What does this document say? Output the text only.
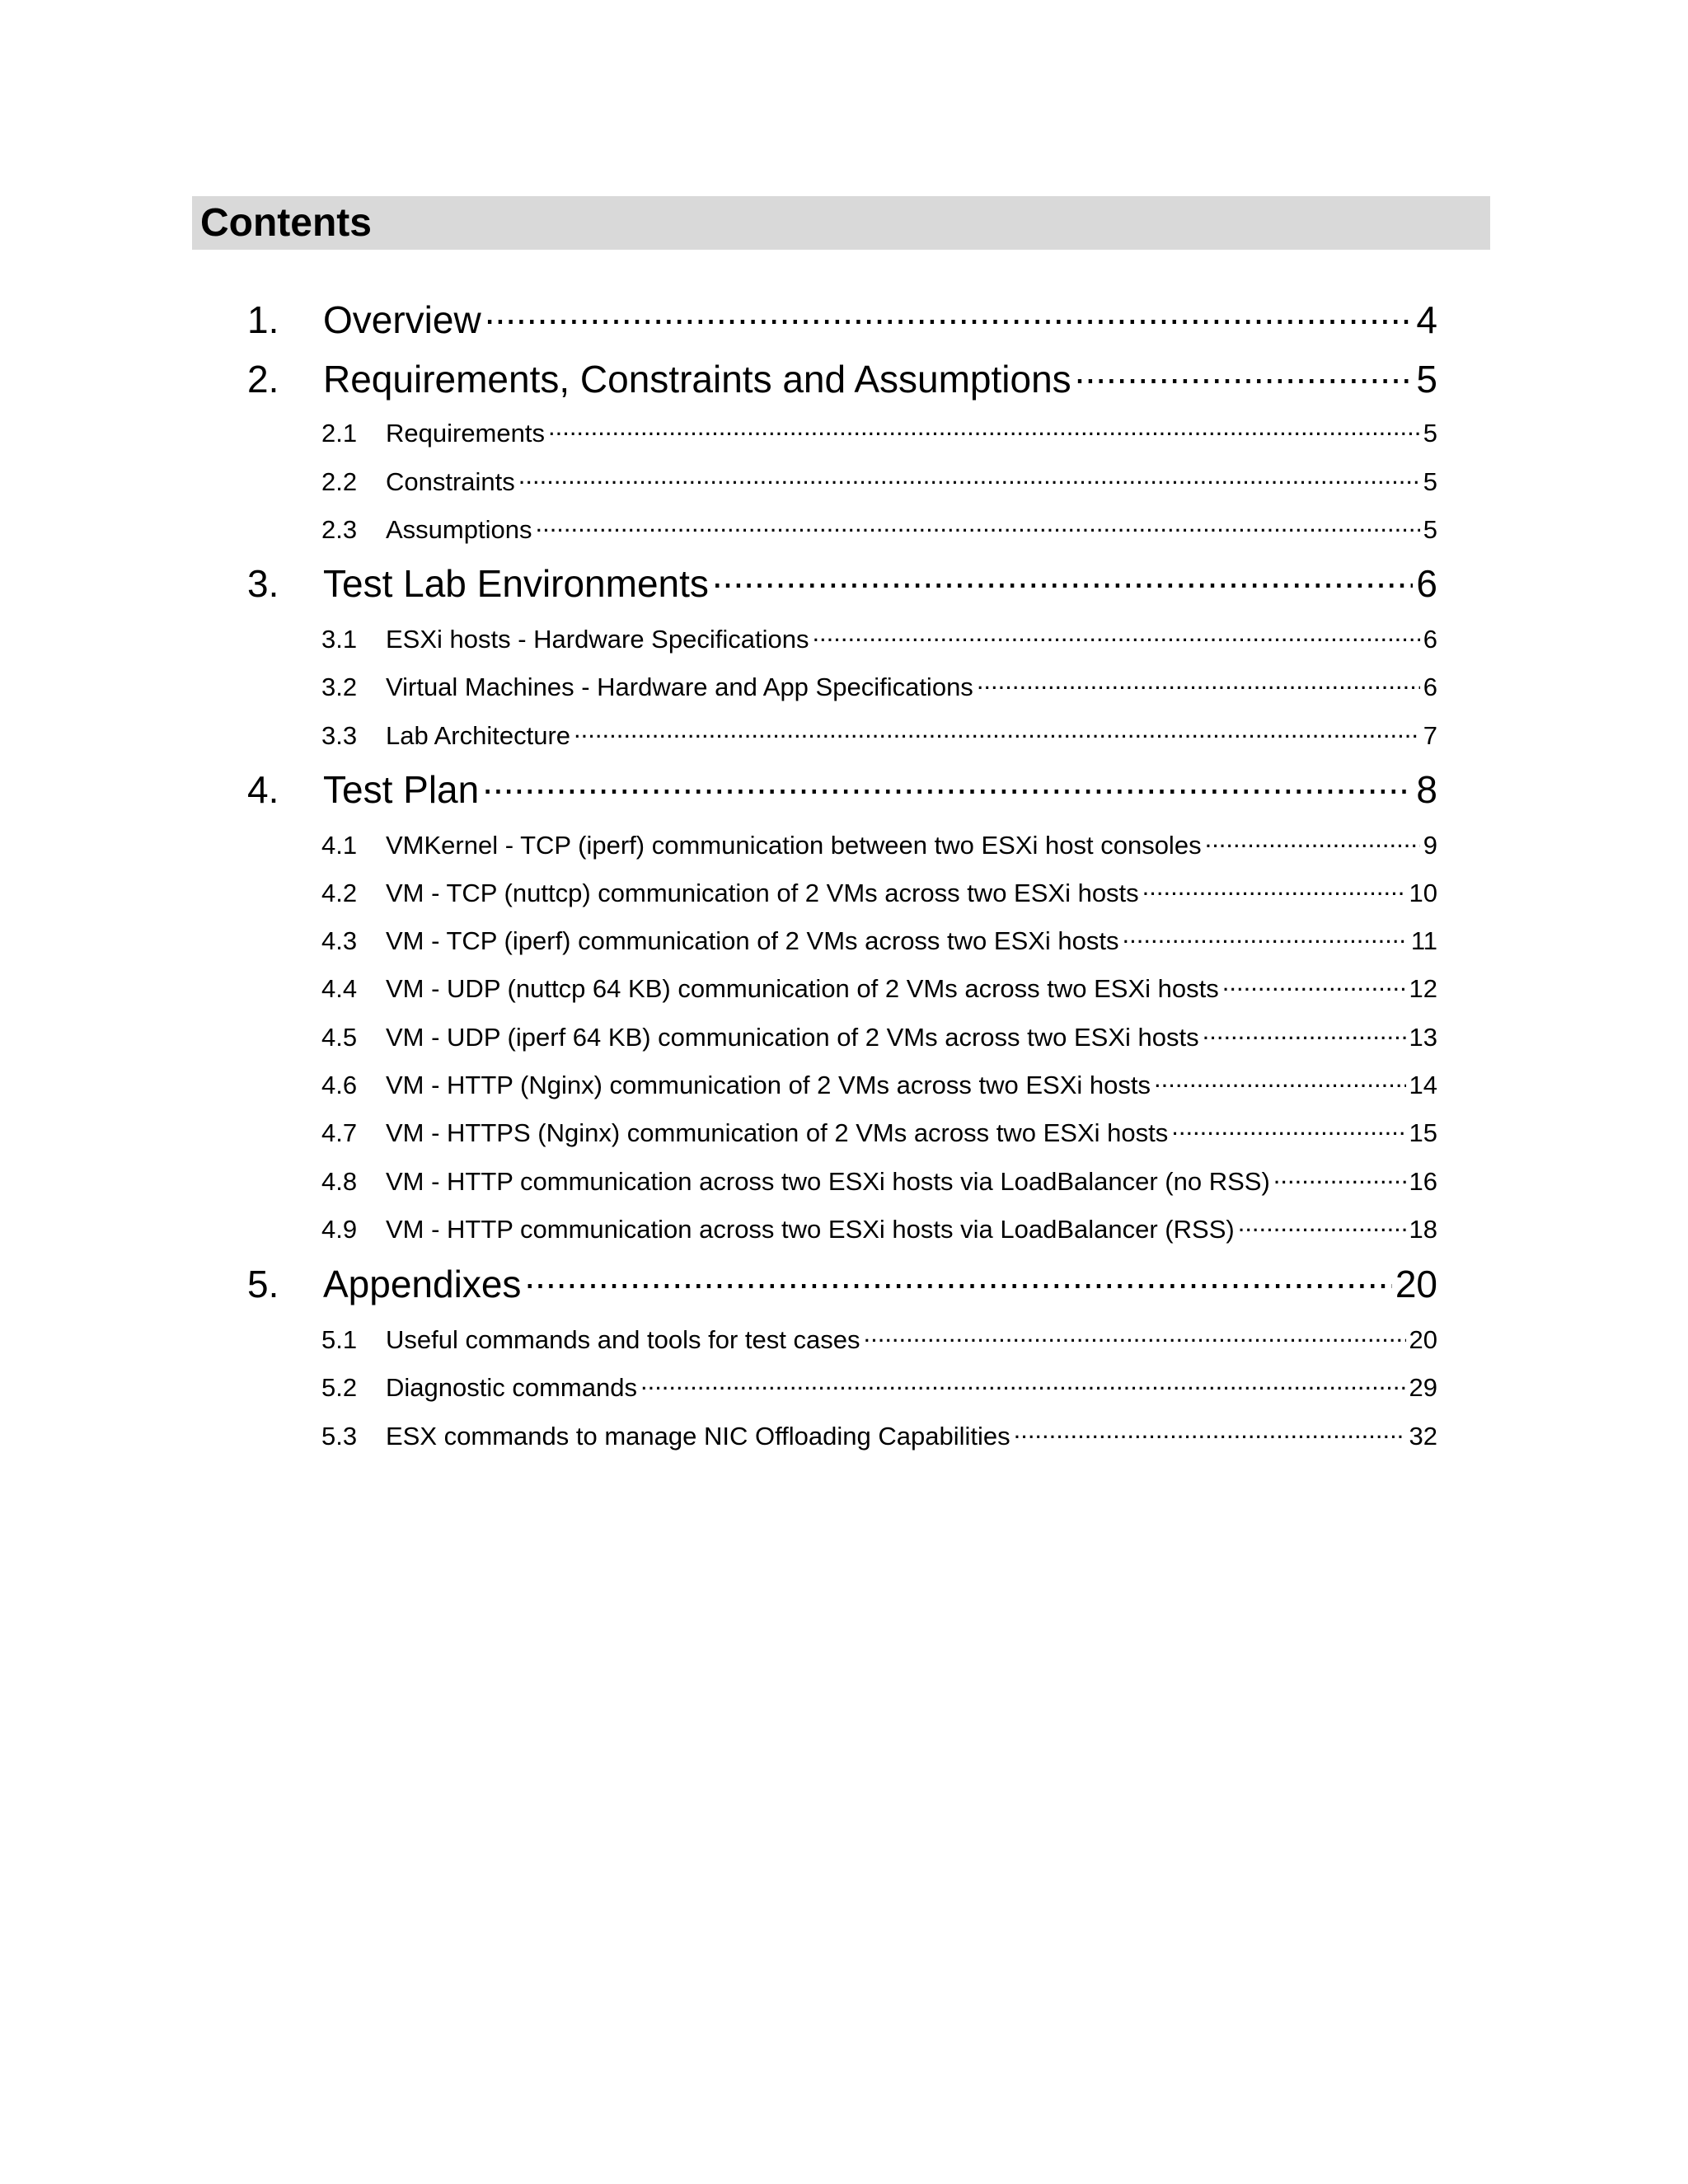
Contents
1.	Overview .....	4
2.	Requirements, Constraints and Assumptions .....	5
2.1	Requirements .....	5
2.2	Constraints .....	5
2.3	Assumptions .....	5
3.	Test Lab Environments .....	6
3.1	ESXi hosts - Hardware Specifications .....	6
3.2	Virtual Machines - Hardware and App Specifications .....	6
3.3	Lab Architecture .....	7
4.	Test Plan .....	8
4.1	VMKernel - TCP (iperf) communication between two ESXi host consoles .....	9
4.2	VM - TCP (nuttcp) communication of 2 VMs across two ESXi hosts .....	10
4.3	VM - TCP (iperf) communication of 2 VMs across two ESXi hosts .....	11
4.4	VM - UDP (nuttcp 64 KB) communication of 2 VMs across two ESXi hosts .....	12
4.5	VM - UDP (iperf 64 KB) communication of 2 VMs across two ESXi hosts .....	13
4.6	VM - HTTP (Nginx) communication of 2 VMs across two ESXi hosts .....	14
4.7	VM - HTTPS (Nginx) communication of 2 VMs across two ESXi hosts .....	15
4.8	VM - HTTP communication across two ESXi hosts via LoadBalancer (no RSS) .....	16
4.9	VM - HTTP communication across two ESXi hosts via LoadBalancer (RSS) .....	18
5.	Appendixes .....	20
5.1	Useful commands and tools for test cases .....	20
5.2	Diagnostic commands .....	29
5.3	ESX commands to manage NIC Offloading Capabilities .....	32
